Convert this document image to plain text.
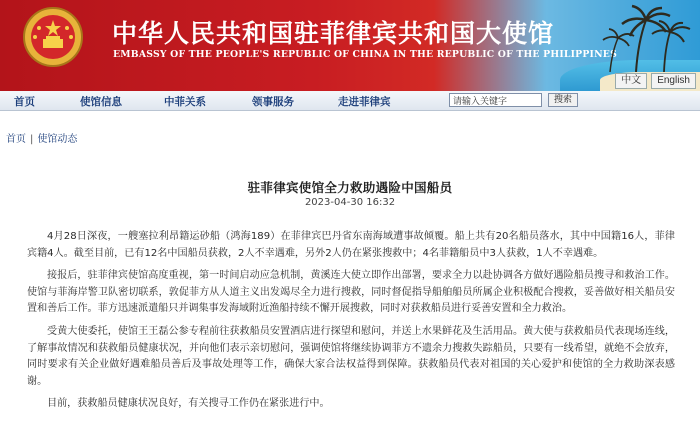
中华人民共和国驻菲律宾共和国大使馆
EMBASSY OF THE PEOPLE'S REPUBLIC OF CHINA IN THE REPUBLIC OF THE PHILIPPINES
中文	English
首页	使馆信息	中菲关系	领事服务	走进菲律宾
请输入关键字	搜索
首页 | 使馆动态
驻菲律宾使馆全力救助遇险中国船员
2023-04-30 16:32

4月28日深夜，一艘塞拉利昂籍运砂船（鸿海189）在菲律宾巴丹省东南海域遭事故倾覆。船上共有20名船员落水，其中中国籍16人，菲律宾籍4人。截至目前，已有12名中国船员获救，2人不幸遇难，另外2人仍在紧张搜救中；4名菲籍船员中3人获救，1人不幸遇难。

接报后，驻菲律宾使馆高度重视，第一时间启动应急机制，黄溪连大使立即作出部署，要求全力以赴协调各方做好遇险船员搜寻和救治工作。使馆与菲海岸警卫队密切联系，敦促菲方从人道主义出发竭尽全力进行搜救，同时督促指导船舶船员所属企业积极配合搜救，妥善做好相关船员安置和善后工作。菲方迅速派遣船只并调集事发海域附近渔船持续不懈开展搜救，同时对获救船员进行妥善安置和全力救治。

受黄大使委托，使馆王王磊公参专程前往获救船员安置酒店进行探望和慰问，并送上水果鲜花及生活用品。黄大使与获救船员代表现场连线，了解事故情况和获救船员健康状况，并向他们表示亲切慰问，强调使馆将继续协调菲方不遗余力搜救失踪船员，只要有一线希望，就绝不会放弃，同时要求有关企业做好遇难船员善后及事故处理等工作，确保大家合法权益得到保障。获救船员代表对祖国的关心爱护和使馆的全力救助深表感谢。

目前，获救船员健康状况良好，有关搜寻工作仍在紧张进行中。
